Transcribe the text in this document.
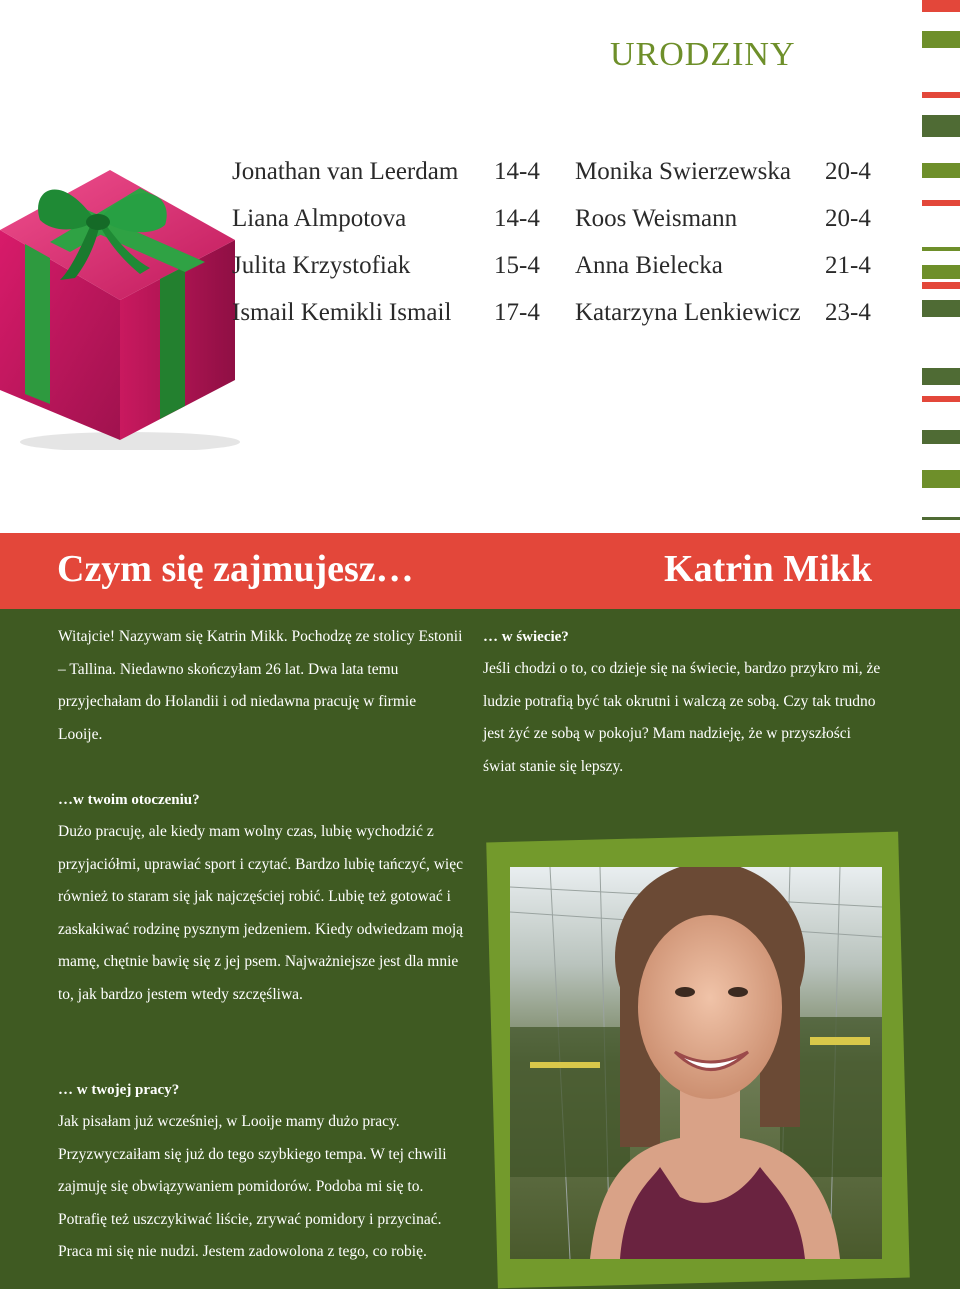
URODZINY
Jonathan van Leerdam 14-4 Monika Swierzewska 20-4
Liana Almpotova	14-4 Roos Weismann	20-4
Julita Krzystofiak	15-4 Anna Bielecka	21-4
Ismail Kemikli Ismail 17-4 Katarzyna Lenkiewicz 23-4
Czym się zajmujesz…	Katrin Mikk

Witajcie! Nazywam się Katrin Mikk. Pochodzę ze stolicy Estonii – Tallina. Niedawno skończyłam 26 lat. Dwa lata temu przyjechałam do Holandii i od niedawna pracuję w firmie Looije.

…w twoim otoczeniu?

Dużo pracuję, ale kiedy mam wolny czas, lubię wychodzić z przyjaciółmi, uprawiać sport i czytać. Bardzo lubię tańczyć, więc również to staram się jak najczęściej robić. Lubię też gotować i zaskakiwać rodzinę pysznym jedzeniem. Kiedy odwiedzam moją mamę, chętnie bawię się z jej psem. Najważniejsze jest dla mnie to, jak bardzo jestem wtedy szczęśliwa.

… w twojej pracy?

Jak pisałam już wcześniej, w Looije mamy dużo pracy. Przyzwyczaiłam się już do tego szybkiego tempa. W tej chwili zajmuję się obwiązywaniem pomidorów. Podoba mi się to. Potrafię też uszczykiwać liście, zrywać pomidory i przycinać. Praca mi się nie nudzi. Jestem zadowolona z tego, co robię.

… w świecie?

Jeśli chodzi o to, co dzieje się na świecie, bardzo przykro mi, że ludzie potrafią być tak okrutni i walczą ze sobą. Czy tak trudno jest żyć ze sobą w pokoju? Mam nadzieję, że w przyszłości świat stanie się lepszy.
